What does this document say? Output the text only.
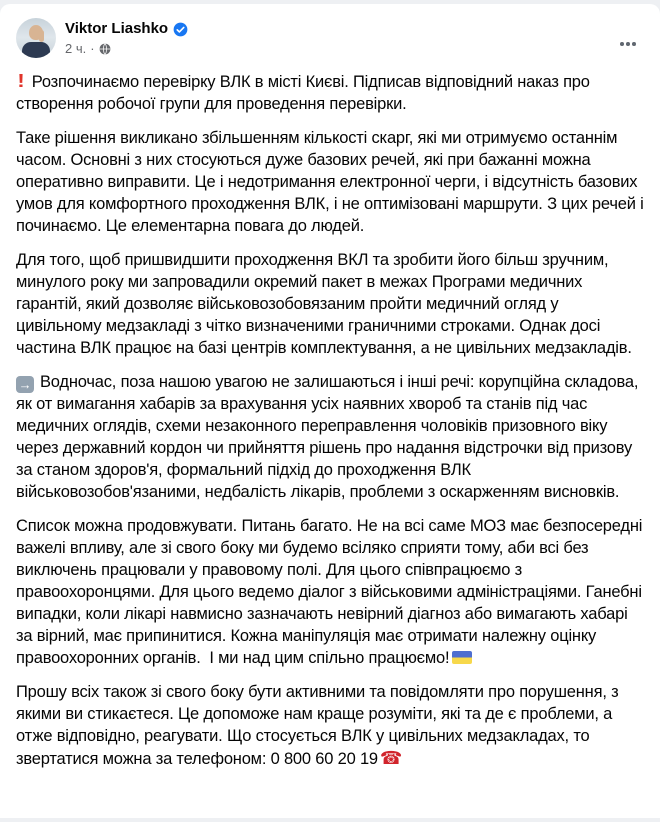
Viktor Liashko
2 ч. ·

! Розпочинаємо перевірку ВЛК в місті Києві. Підписав відповідний наказ про створення робочої групи для проведення перевірки.

Таке рішення викликано збільшенням кількості скарг, які ми отримуємо останнім часом. Основні з них стосуються дуже базових речей, які при бажанні можна оперативно виправити. Це і недотримання електронної черги, і відсутність базових умов для комфортного проходження ВЛК, і не оптимізовані маршрути. З цих речей і починаємо. Це елементарна повага до людей.

Для того, щоб пришвидшити проходження ВКЛ та зробити його більш зручним, минулого року ми запровадили окремий пакет в межах Програми медичних гарантій, який дозволяє військовозобовязаним пройти медичний огляд у цивільному медзакладі з чітко визначеними граничними строками. Однак досі частина ВЛК працює на базі центрів комплектування, а не цивільних медзакладів.

→ Водночас, поза нашою увагою не залишаються і інші речі: корупційна складова, як от вимагання хабарів за врахування усіх наявних хвороб та станів під час медичних оглядів, схеми незаконного переправлення чоловіків призовного віку через державний кордон чи прийняття рішень про надання відстрочки від призову за станом здоров'я, формальний підхід до проходження ВЛК військовозобов'язаними, недбалість лікарів, проблеми з оскарженням висновків.

Список можна продовжувати. Питань багато. Не на всі саме МОЗ має безпосередні важелі впливу, але зі свого боку ми будемо всіляко сприяти тому, аби всі без виключень працювали у правовому полі. Для цього співпрацюємо з правоохоронцями. Для цього ведемо діалог з військовими адміністраціями. Ганебні випадки, коли лікарі навмисно зазначають невірний діагноз або вимагають хабарі за вірний, має припинитися. Кожна маніпуляція має отримати належну оцінку правоохоронних органів.  І ми над цим спільно працюємо!

Прошу всіх також зі свого боку бути активними та повідомляти про порушення, з якими ви стикаєтеся. Це допоможе нам краще розуміти, які та де є проблеми, а отже відповідно, реагувати. Що стосується ВЛК у цивільних медзакладах, то звертатися можна за телефоном: 0 800 60 20 19 ☎
